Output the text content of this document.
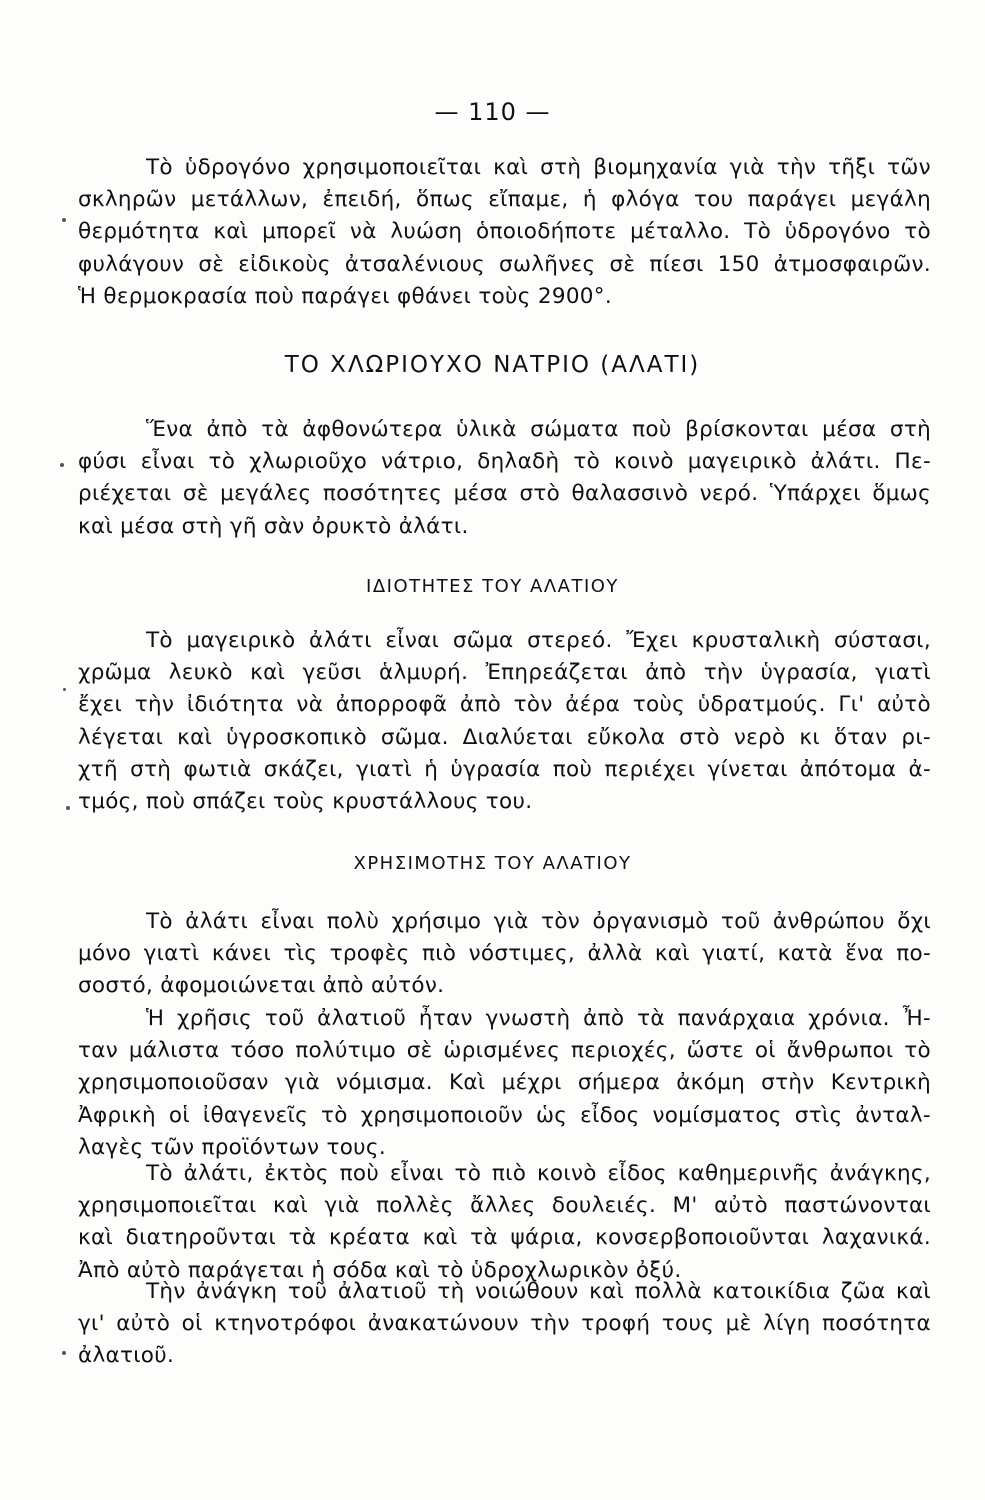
— 110 —
Τὸ ὑδρογόνο χρησιμοποιεῖται καὶ στὴ βιομηχανία γιὰ τὴν τῆξι τῶν
σκληρῶν μετάλλων, ἐπειδή, ὅπως εἴπαμε, ἡ φλόγα του παράγει μεγάλη
θερμότητα καὶ μπορεῖ νὰ λυώση ὁποιοδήποτε μέταλλο. Τὸ ὑδρογόνο τὸ
φυλάγουν σὲ εἰδικοὺς ἀτσαλένιους σωλῆνες σὲ πίεσι 150 ἀτμοσφαιρῶν.
Ἡ θερμοκρασία ποὺ παράγει φθάνει τοὺς 2900°.
ΤΟ ΧΛΩΡΙΟΥΧΟ ΝΑΤΡΙΟ (ΑΛΑΤΙ)
Ἕνα ἀπὸ τὰ ἀφθονώτερα ὑλικὰ σώματα ποὺ βρίσκονται μέσα στὴ
φύσι εἶναι τὸ χλωριοῦχο νάτριο, δηλαδὴ τὸ κοινὸ μαγειρικὸ ἀλάτι. Πε-
ριέχεται σὲ μεγάλες ποσότητες μέσα στὸ θαλασσινὸ νερό. Ὑπάρχει ὅμως
καὶ μέσα στὴ γῆ σὰν ὀρυκτὸ ἀλάτι.
ΙΔΙΟΤΗΤΕΣ ΤΟΥ ΑΛΑΤΙΟΥ
Τὸ μαγειρικὸ ἀλάτι εἶναι σῶμα στερεό. Ἔχει κρυσταλικὴ σύστασι,
χρῶμα λευκὸ καὶ γεῦσι ἁλμυρή. Ἐπηρεάζεται ἀπὸ τὴν ὑγρασία, γιατὶ
ἔχει τὴν ἰδιότητα νὰ ἀπορροφᾶ ἀπὸ τὸν ἀέρα τοὺς ὑδρατμούς. Γι' αὐτὸ
λέγεται καὶ ὑγροσκοπικὸ σῶμα. Διαλύεται εὔκολα στὸ νερὸ κι ὅταν ρι-
χτῆ στὴ φωτιὰ σκάζει, γιατὶ ἡ ὑγρασία ποὺ περιέχει γίνεται ἀπότομα ἀ-
τμός, ποὺ σπάζει τοὺς κρυστάλλους του.
ΧΡΗΣΙΜΟΤΗΣ ΤΟΥ ΑΛΑΤΙΟΥ
Τὸ ἀλάτι εἶναι πολὺ χρήσιμο γιὰ τὸν ὀργανισμὸ τοῦ ἀνθρώπου ὄχι
μόνο γιατὶ κάνει τὶς τροφὲς πιὸ νόστιμες, ἀλλὰ καὶ γιατί, κατὰ ἕνα πο-
σοστό, ἀφομοιώνεται ἀπὸ αὐτόν.
Ἡ χρῆσις τοῦ ἀλατιοῦ ἦταν γνωστὴ ἀπὸ τὰ πανάρχαια χρόνια. Ἦ-
ταν μάλιστα τόσο πολύτιμο σὲ ὡρισμένες περιοχές, ὥστε οἱ ἄνθρωποι τὸ
χρησιμοποιοῦσαν γιὰ νόμισμα. Καὶ μέχρι σήμερα ἀκόμη στὴν Κεντρικὴ
Ἀφρικὴ οἱ ἰθαγενεῖς τὸ χρησιμοποιοῦν ὡς εἶδος νομίσματος στὶς ἀνταλ-
λαγὲς τῶν προϊόντων τους.
Τὸ ἀλάτι, ἐκτὸς ποὺ εἶναι τὸ πιὸ κοινὸ εἶδος καθημερινῆς ἀνάγκης,
χρησιμοποιεῖται καὶ γιὰ πολλὲς ἄλλες δουλειές. Μ' αὐτὸ παστώνονται
καὶ διατηροῦνται τὰ κρέατα καὶ τὰ ψάρια, κονσερβοποιοῦνται λαχανικά.
Ἀπὸ αὐτὸ παράγεται ἡ σόδα καὶ τὸ ὑδροχλωρικὸν ὀξύ.
Τὴν ἀνάγκη τοῦ ἀλατιοῦ τὴ νοιώθουν καὶ πολλὰ κατοικίδια ζῶα καὶ
γι' αὐτὸ οἱ κτηνοτρόφοι ἀνακατώνουν τὴν τροφή τους μὲ λίγη ποσότητα
ἀλατιοῦ.
